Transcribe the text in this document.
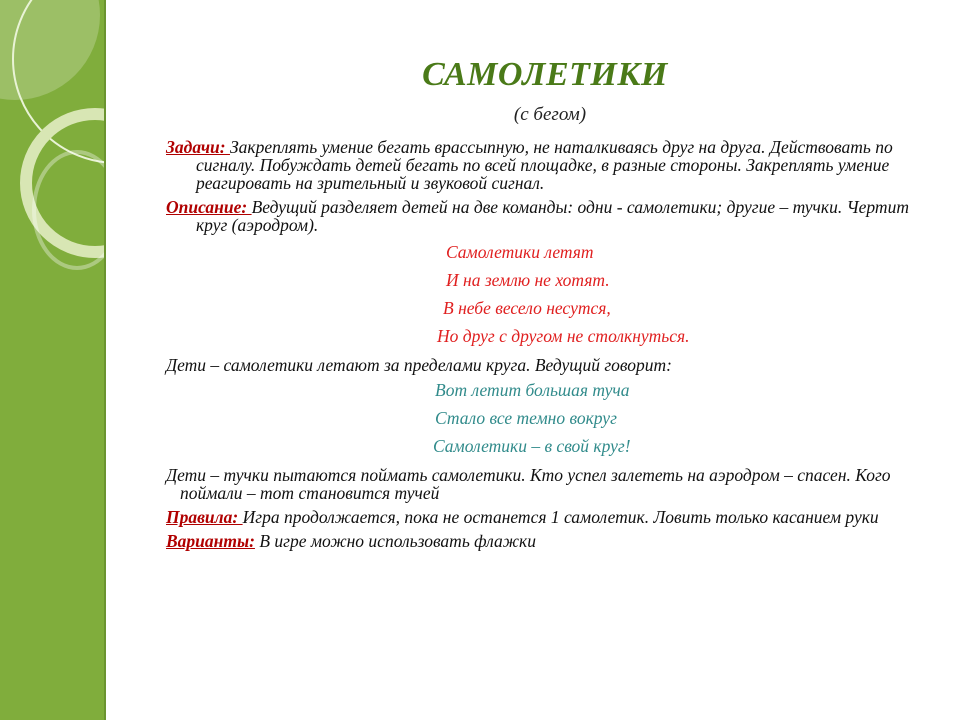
САМОЛЕТИКИ
(с бегом)

Задачи: Закреплять умение бегать врассыпную, не наталкиваясь друг на друга. Действовать по сигналу. Побуждать детей бегать по всей площадке, в разные стороны. Закреплять умение реагировать на зрительный и звуковой сигнал.

Описание: Ведущий разделяет детей на две команды: одни - самолетики; другие – тучки. Чертит круг (аэродром).

Самолетики летят

И на землю не хотят.

В небе весело несутся,

Но друг с другом не столкнуться.

Дети – самолетики летают за пределами круга. Ведущий говорит:

Вот летит большая туча

Стало все темно вокруг

Самолетики – в свой круг!

Дети – тучки пытаются поймать самолетики. Кто успел залететь на аэродром – спасен. Кого поймали – тот становится тучей

Правила: Игра продолжается, пока не останется 1 самолетик. Ловить только касанием руки

Варианты: В игре можно использовать флажки
